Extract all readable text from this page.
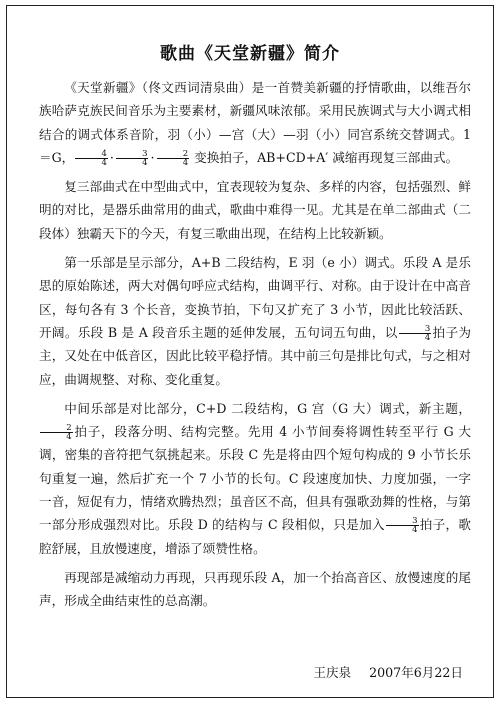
歌曲《天堂新疆》简介

《天堂新疆》（佟文西词清泉曲）是一首赞美新疆的抒情歌曲，以维吾尔族哈萨克族民间音乐为主要素材，新疆风味浓郁。采用民族调式与大小调式相结合的调式体系音阶，羽（小）—宫（大）—羽（小）同宫系统交替调式。1＝G， $\frac{4}{4} \cdot \frac{3}{4} \cdot \frac{2}{4}$ 变换拍子，AB+CD+A′ 减缩再现复三部曲式。

复三部曲式在中型曲式中，宜表现较为复杂、多样的内容，包括强烈、鲜明的对比，是器乐曲常用的曲式，歌曲中难得一见。尤其是在单二部曲式（二段体）独霸天下的今天，有复三歌曲出现，在结构上比较新颖。

第一乐部是呈示部分，A+B 二段结构，E 羽（e 小）调式。乐段 A 是乐思的原始陈述，两大对偶句呼应式结构，曲调平行、对称。由于设计在中高音区，每句各有 3 个长音，变换节拍，下句又扩充了 3 小节，因此比较活跃、开阔。乐段 B 是 A 段音乐主题的延伸发展，五句词五句曲，以 $\frac{3}{4}$ 拍子为主，又处在中低音区，因此比较平稳抒情。其中前三句是排比句式，与之相对应，曲调规整、对称、变化重复。

中间乐部是对比部分，C+D 二段结构，G 宫（G 大）调式，新主题，
$\frac{2}{4}$ 拍子，段落分明、结构完整。先用 4 小节间奏将调性转至平行 G 大调，密集的音符把气氛挑起来。乐段 C 先是将由四个短句构成的 9 小节长乐句重复一遍，然后扩充一个 7 小节的长句。C 段速度加快、力度加强，一字一音，短促有力，情绪欢腾热烈；虽音区不高，但具有强歌劲舞的性格，与第一部分形成强烈对比。乐段 D 的结构与 C 段相似，只是加入 $\frac{3}{4}$ 拍子，歌腔舒展，且放慢速度，增添了颂赞性格。

再现部是减缩动力再现，只再现乐段 A，加一个抬高音区、放慢速度的尾声，形成全曲结束性的总高潮。

王庆泉 2007年6月22日
